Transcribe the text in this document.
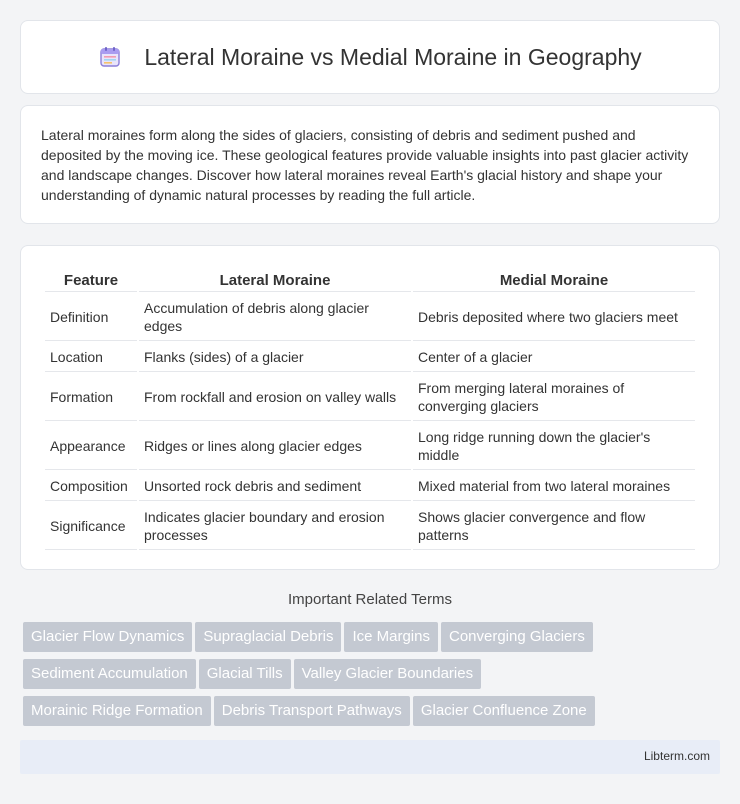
Lateral Moraine vs Medial Moraine in Geography

Lateral moraines form along the sides of glaciers, consisting of debris and sediment pushed and deposited by the moving ice. These geological features provide valuable insights into past glacier activity and landscape changes. Discover how lateral moraines reveal Earth's glacial history and shape your understanding of dynamic natural processes by reading the full article.

Feature	Lateral Moraine	Medial Moraine
Definition	Accumulation of debris along glacier edges	Debris deposited where two glaciers meet
Location	Flanks (sides) of a glacier	Center of a glacier
Formation	From rockfall and erosion on valley walls	From merging lateral moraines of converging glaciers
Appearance	Ridges or lines along glacier edges	Long ridge running down the glacier's middle
Composition	Unsorted rock debris and sediment	Mixed material from two lateral moraines
Significance	Indicates glacier boundary and erosion processes	Shows glacier convergence and flow patterns
Important Related Terms
Glacier Flow Dynamics Supraglacial Debris Ice Margins Converging Glaciers
Sediment Accumulation Glacial Tills Valley Glacier Boundaries
Morainic Ridge Formation Debris Transport Pathways Glacier Confluence Zone
Libterm.com
